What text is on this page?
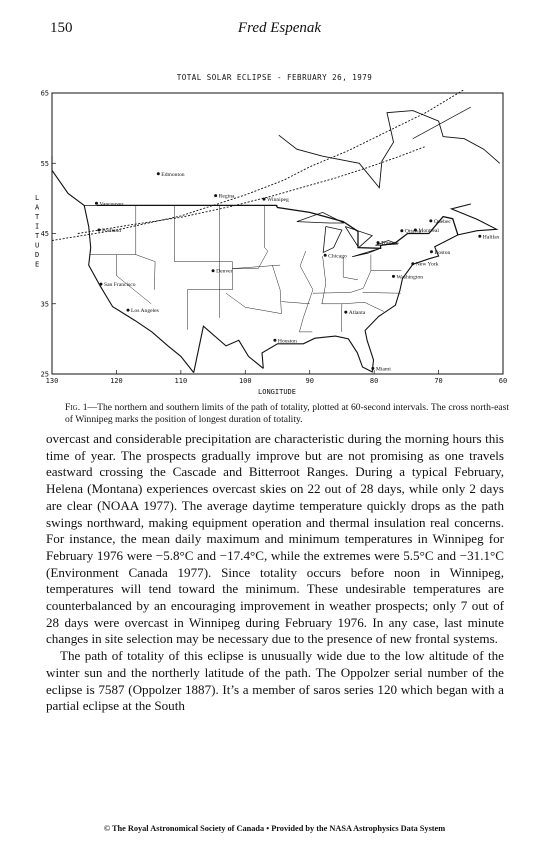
150	Fred Espenak
TOTAL SOLAR ECLIPSE - FEBRUARY 26, 1979
130	120	110	100	90	80	70	60
65
55
45
35
25
Edmonton
Regina
Vancouver
Winnipeg
Portland
Quebec
Montreal
Ottawa
Halifax
Toronto
Boston
Chicago
New York
Washington
Denver
San Francisco
Los Angeles	Atlanta
Houston
Miami
LONGITUDE
L A T I T U D E
Fig. 1—The northern and southern limits of the path of totality, plotted at 60-second intervals. The cross north-east of Winnipeg marks the position of longest duration of totality.

overcast and considerable precipitation are characteristic during the morning hours this time of year. The prospects gradually improve but are not promising as one travels eastward crossing the Cascade and Bitterroot Ranges. During a typical February, Helena (Montana) experiences overcast skies on 22 out of 28 days, while only 2 days are clear (NOAA 1977). The average daytime temperature quickly drops as the path swings northward, making equipment operation and thermal insulation real concerns. For instance, the mean daily maximum and minimum temperatures in Winnipeg for February 1976 were −5.8°C and −17.4°C, while the extremes were 5.5°C and −31.1°C (Environment Canada 1977). Since totality occurs before noon in Winnipeg, temperatures will tend toward the minimum. These undesirable temperatures are counterbalanced by an encouraging improvement in weather prospects; only 7 out of 28 days were overcast in Winnipeg during February 1976. In any case, last minute changes in site selection may be necessary due to the presence of new frontal systems.

The path of totality of this eclipse is unusually wide due to the low altitude of the winter sun and the northerly latitude of the path. The Oppolzer serial number of the eclipse is 7587 (Oppolzer 1887). It’s a member of saros series 120 which began with a partial eclipse at the South

© The Royal Astronomical Society of Canada • Provided by the NASA Astrophysics Data System
